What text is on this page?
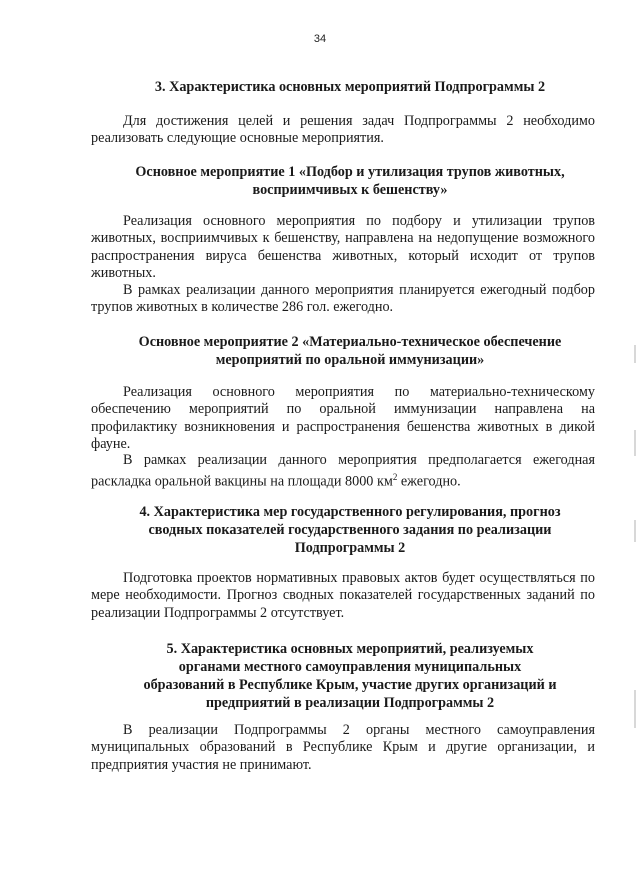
34
3. Характеристика основных мероприятий Подпрограммы 2
Для достижения целей и решения задач Подпрограммы 2 необходимо реализовать следующие основные мероприятия.
Основное мероприятие 1 «Подбор и утилизация трупов животных,
восприимчивых к бешенству»
Реализация основного мероприятия по подбору и утилизации трупов животных, восприимчивых к бешенству, направлена на недопущение возможного распространения вируса бешенства животных, который исходит от трупов животных.
В рамках реализации данного мероприятия планируется ежегодный подбор трупов животных в количестве 286 гол. ежегодно.
Основное мероприятие 2 «Материально-техническое обеспечение
мероприятий по оральной иммунизации»
Реализация основного мероприятия по материально-техническому обеспечению мероприятий по оральной иммунизации направлена на профилактику возникновения и распространения бешенства животных в дикой фауне.
В рамках реализации данного мероприятия предполагается ежегодная раскладка оральной вакцины на площади 8000 $км^2$ ежегодно.
4. Характеристика мер государственного регулирования, прогноз
сводных показателей государственного задания по реализации
Подпрограммы 2
Подготовка проектов нормативных правовых актов будет осуществляться по мере необходимости. Прогноз сводных показателей государственных заданий по реализации Подпрограммы 2 отсутствует.
5. Характеристика основных мероприятий, реализуемых
органами местного самоуправления муниципальных
образований в Республике Крым, участие других организаций и
предприятий в реализации Подпрограммы 2
В реализации Подпрограммы 2 органы местного самоуправления муниципальных образований в Республике Крым и другие организации, и предприятия участия не принимают.
